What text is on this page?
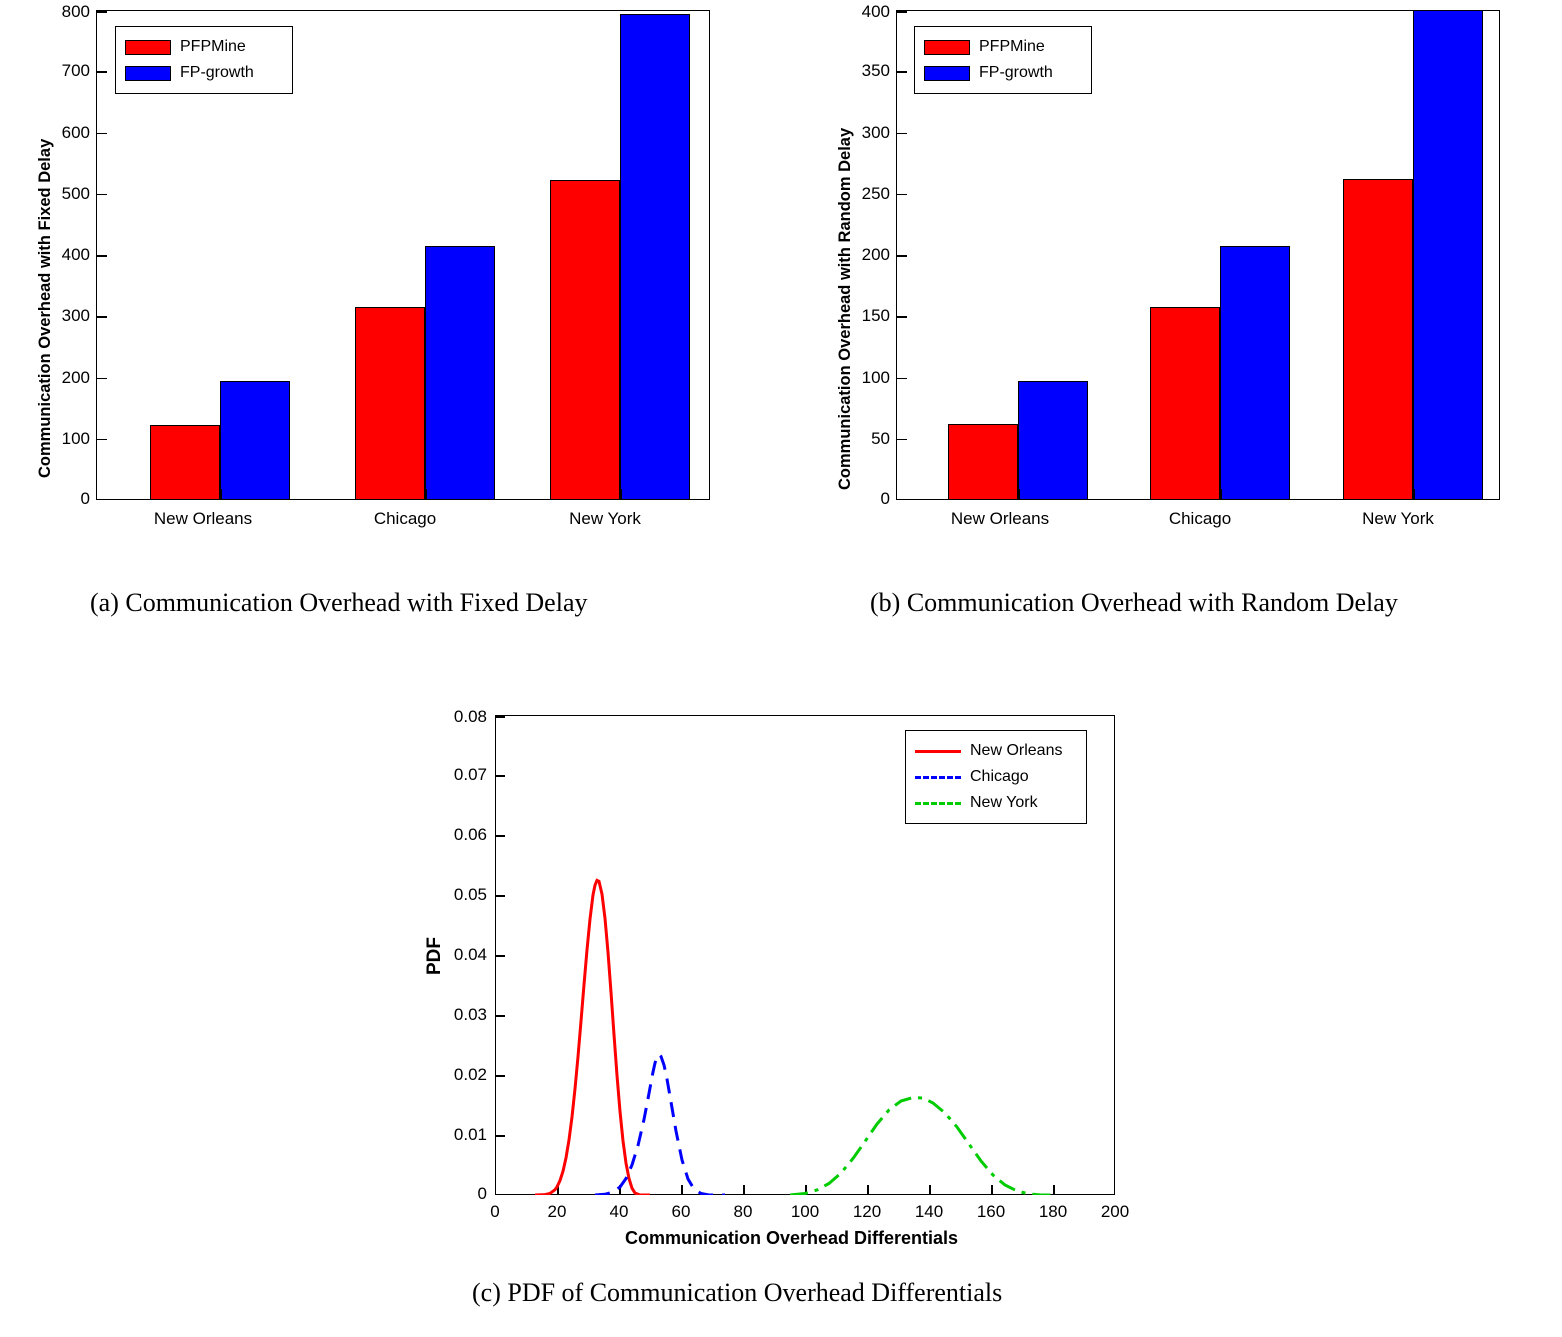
Communication Overhead with Fixed Delay
800
700
600
500
400
300
200
100
0
New Orleans	Chicago	New York
PFPMine
FP-growth
(a) Communication Overhead with Fixed Delay
Communication Overhead with Random Delay
400
350
300
250
200
150
100
50
0
New Orleans	Chicago	New York
PFPMine
FP-growth
(b) Communication Overhead with Random Delay
PDF
0.08
0.07
0.06
0.05
0.04
0.03
0.02
0.01
0
0	20	40	60	80 100 120 140 160 180 200
Communication Overhead Differentials
New Orleans
Chicago
New York
(c) PDF of Communication Overhead Differentials
